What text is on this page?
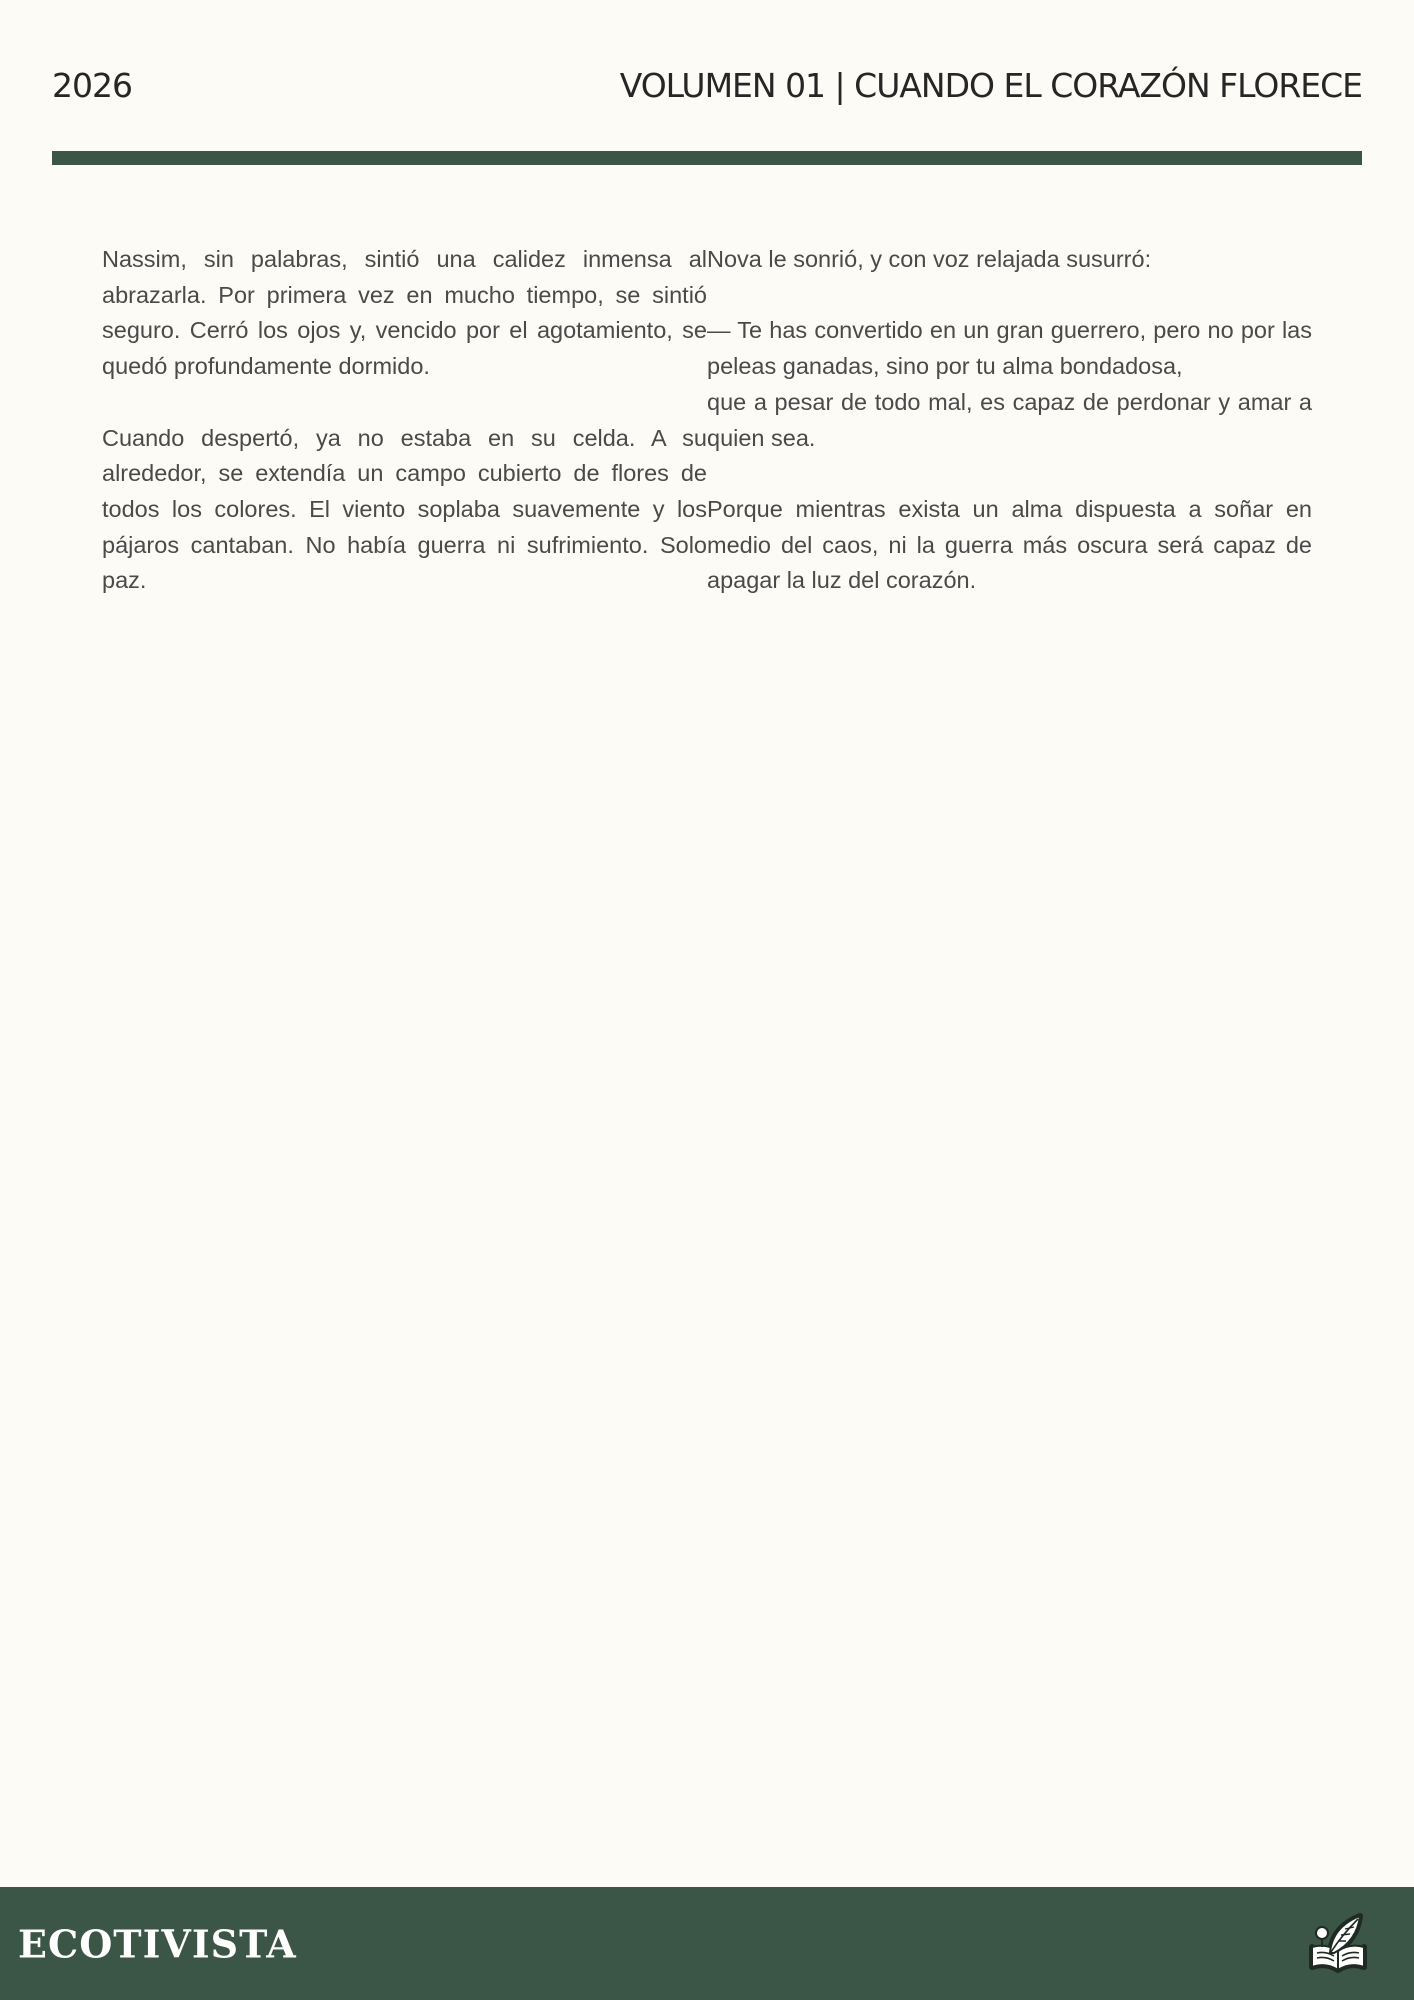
2026	VOLUMEN 01 | CUANDO EL CORAZÓN FLORECE

Nassim, sin palabras, sintió una calidez inmensa al abrazarla. Por primera vez en mucho tiempo, se sintió seguro. Cerró los ojos y, vencido por el agotamiento, se quedó profundamente dormido.

Cuando despertó, ya no estaba en su celda. A su alrededor, se extendía un campo cubierto de flores de todos los colores. El viento soplaba suavemente y los pájaros cantaban. No había guerra ni sufrimiento. Solo paz.

Nova le sonrió, y con voz relajada susurró:

— Te has convertido en un gran guerrero, pero no por las peleas ganadas, sino por tu alma bondadosa,

que a pesar de todo mal, es capaz de perdonar y amar a quien sea.

Porque mientras exista un alma dispuesta a soñar en medio del caos, ni la guerra más oscura será capaz de apagar la luz del corazón.

ECOTIVISTA
